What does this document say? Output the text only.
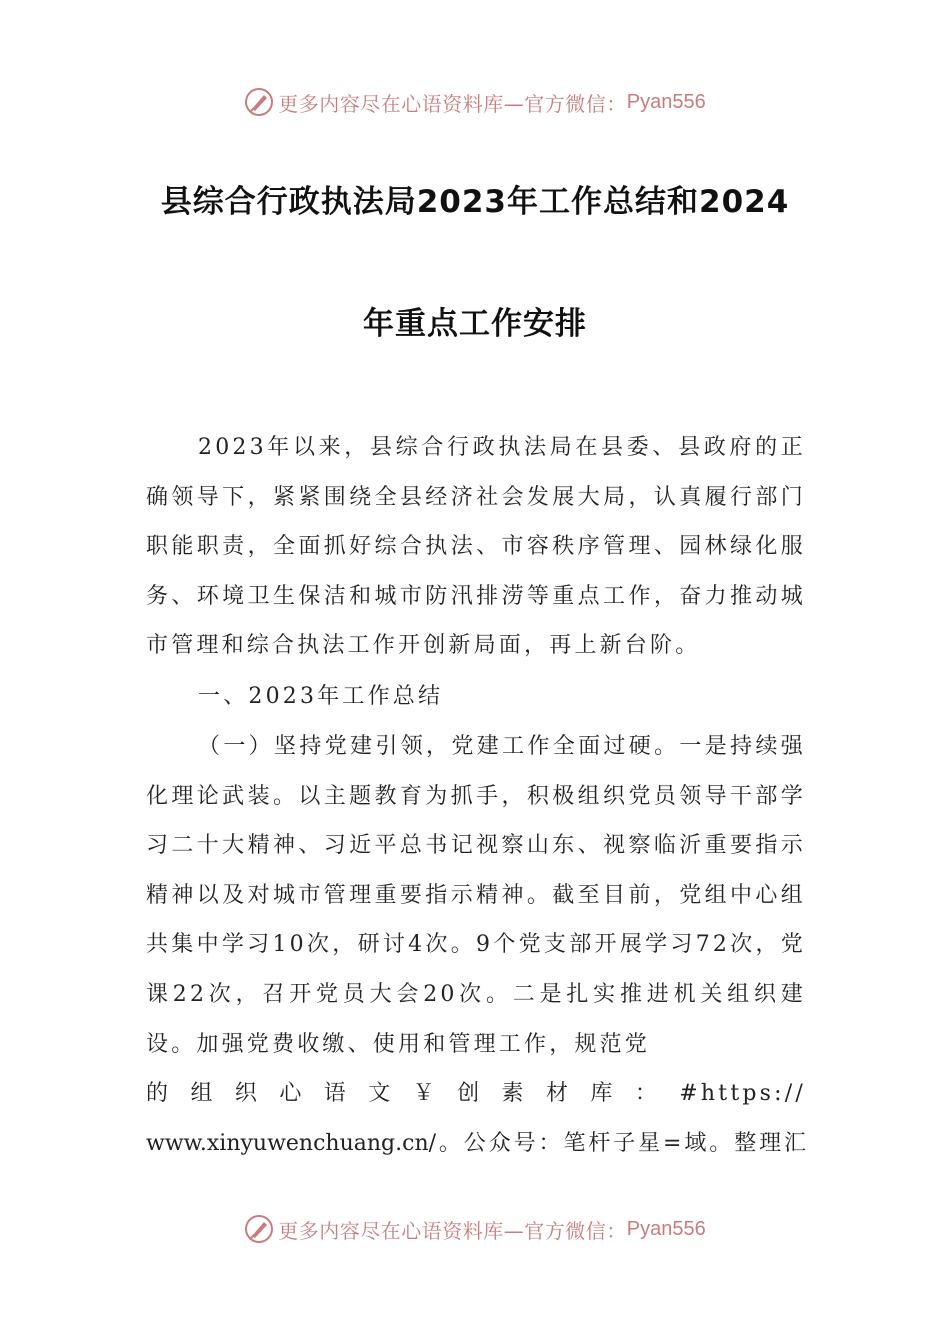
更多内容尽在心语资料库—官方微信： Pyan556
县综合行政执法局2023年工作总结和2024
年重点工作安排

2023年以来，县综合行政执法局在县委、县政府的正确领导下，紧紧围绕全县经济社会发展大局，认真履行部门职能职责，全面抓好综合执法、市容秩序管理、园林绿化服务、环境卫生保洁和城市防汛排涝等重点工作，奋力推动城市管理和综合执法工作开创新局面，再上新台阶。

一、2023年工作总结

（一）坚持党建引领，党建工作全面过硬。一是持续强化理论武装。以主题教育为抓手，积极组织党员领导干部学习二十大精神、习近平总书记视察山东、视察临沂重要指示精神以及对城市管理重要指示精神。截至目前，党组中心组共集中学习10次，研讨4次。9个党支部开展学习72次，党课22次，召开党员大会20次。二是扎实推进机关组织建设。加强党费收缴、使用和管理工作，规范党

的组织心语文￥创素材库：#https://
www.xinyuwenchuang.cn/。公众号：笔杆子星=域。整理汇
更多内容尽在心语资料库—官方微信： Pyan556
